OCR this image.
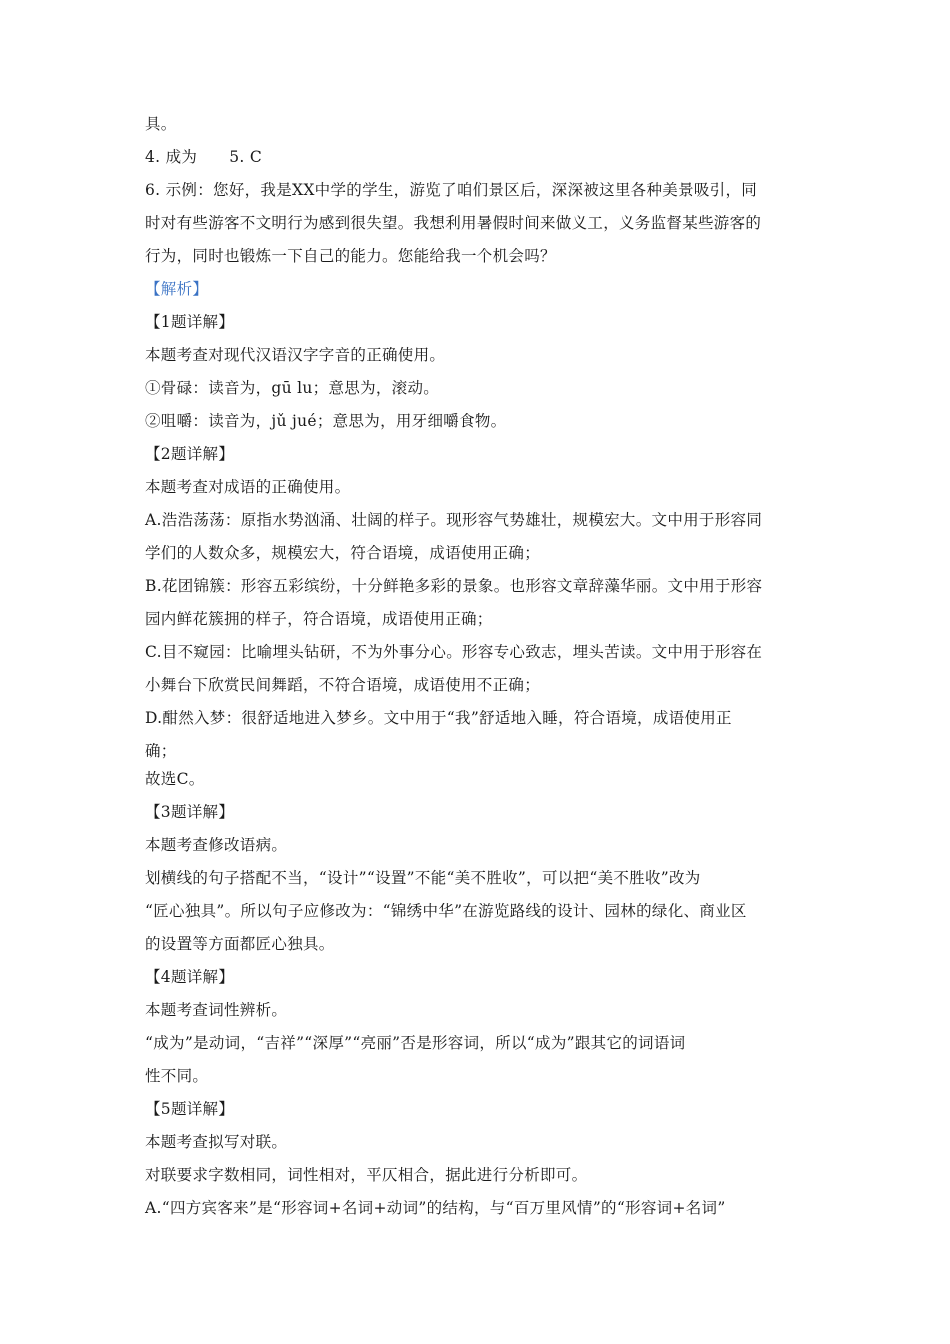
具。
4. 成为 5. C
6. 示例：您好，我是XX中学的学生，游览了咱们景区后，深深被这里各种美景吸引，同
时对有些游客不文明行为感到很失望。我想利用暑假时间来做义工，义务监督某些游客的
行为，同时也锻炼一下自己的能力。您能给我一个机会吗？
【解析】
【1题详解】
本题考查对现代汉语汉字字音的正确使用。
①骨碌：读音为，gū lu；意思为，滚动。
②咀嚼：读音为，jǔ jué；意思为，用牙细嚼食物。
【2题详解】
本题考查对成语的正确使用。
A.浩浩荡荡：原指水势汹涌、壮阔的样子。现形容气势雄壮，规模宏大。文中用于形容同
学们的人数众多，规模宏大，符合语境，成语使用正确；
B.花团锦簇：形容五彩缤纷，十分鲜艳多彩的景象。也形容文章辞藻华丽。文中用于形容
园内鲜花簇拥的样子，符合语境，成语使用正确；
C.目不窥园：比喻埋头钻研，不为外事分心。形容专心致志，埋头苦读。文中用于形容在
小舞台下欣赏民间舞蹈，不符合语境，成语使用不正确；
D.酣然入梦：很舒适地进入梦乡。文中用于“我”舒适地入睡，符合语境，成语使用正
确；
故选C。
【3题详解】
本题考查修改语病。
划横线的句子搭配不当，“设计”“设置”不能“美不胜收”，可以把“美不胜收”改为
“匠心独具”。所以句子应修改为：“锦绣中华”在游览路线的设计、园林的绿化、商业区
的设置等方面都匠心独具。
【4题详解】
本题考查词性辨析。
“成为”是动词，“吉祥”“深厚”“亮丽”否是形容词，所以“成为”跟其它的词语词
性不同。
【5题详解】
本题考查拟写对联。
对联要求字数相同，词性相对，平仄相合，据此进行分析即可。
A.“四方宾客来”是“形容词+名词+动词”的结构，与“百万里风情”的“形容词+名词”
